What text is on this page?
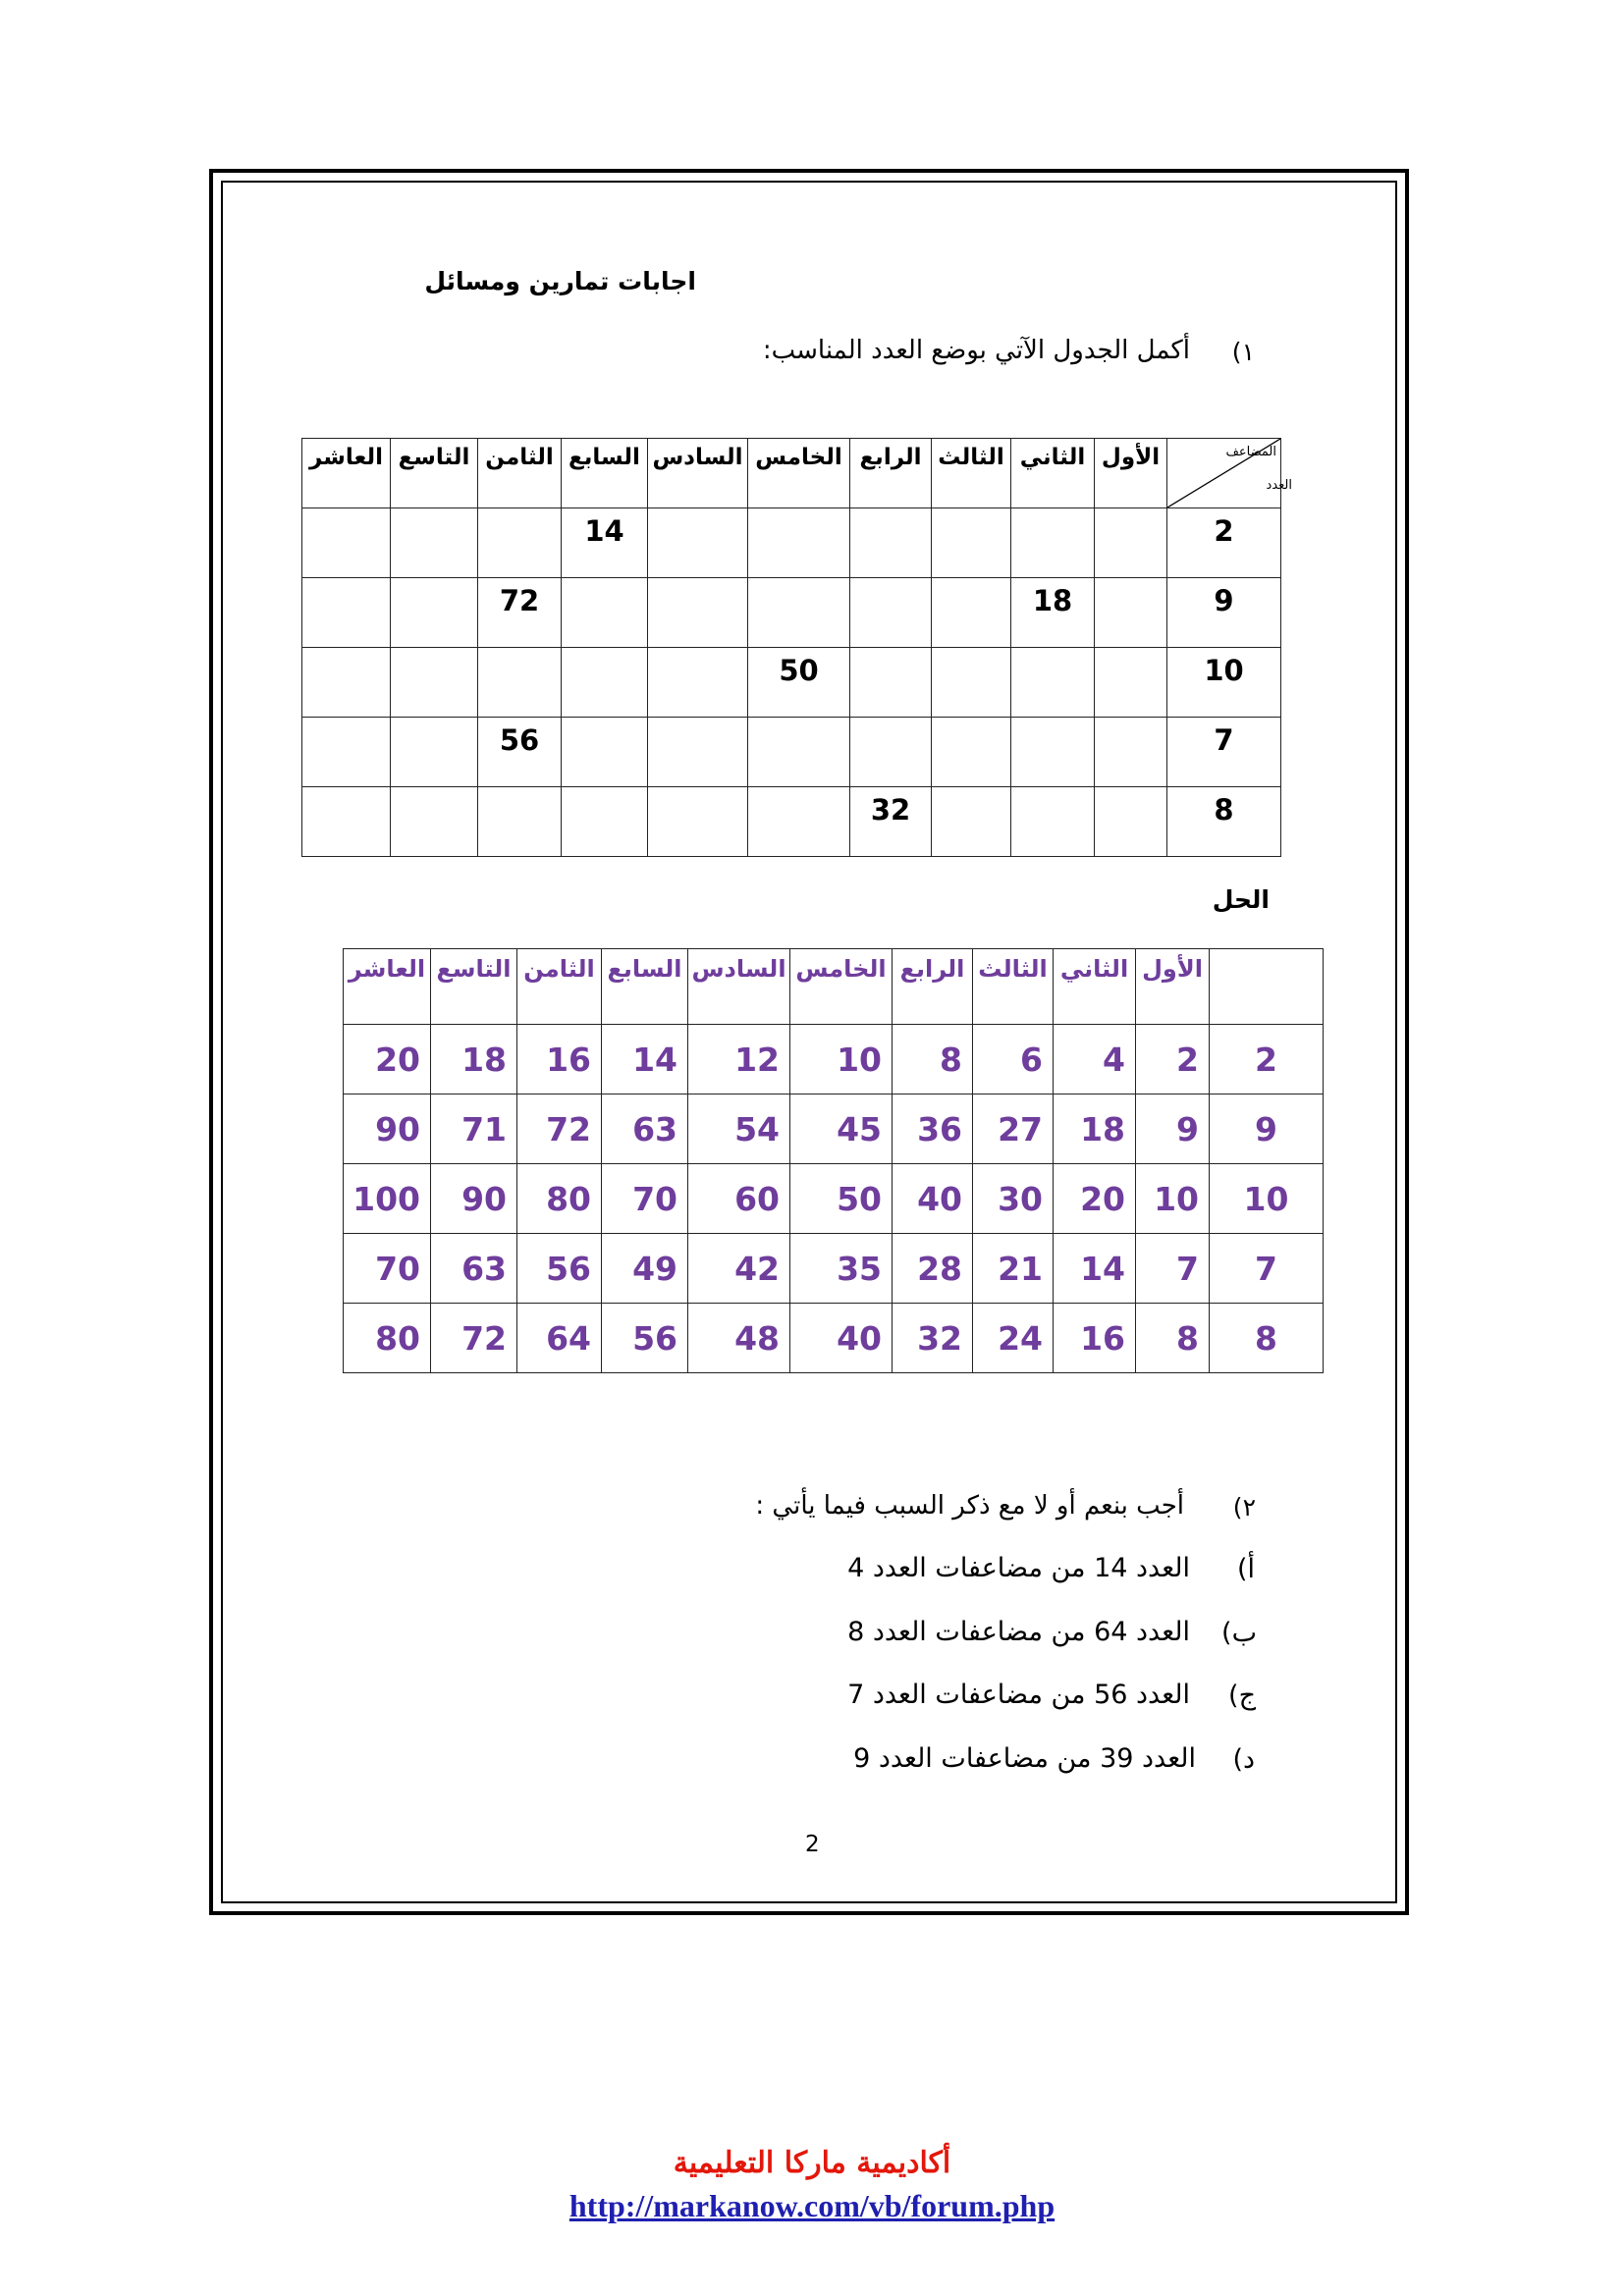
اجابات تمارين ومسائل
١)
أكمل الجدول الآتي بوضع العدد المناسب:
المضاعف
العدد	الأول	الثاني	الثالث	الرابع	الخامس	السادس	السابع	الثامن	التاسع	العاشر
2							14			
9		18						72		
10					50					
7								56		
8				32						
الحل
	الأول	الثاني	الثالث	الرابع	الخامس	السادس	السابع	الثامن	التاسع	العاشر
2	2	4	6	8	10	12	14	16	18	20
9	9	18	27	36	45	54	63	72	71	90
10	10	20	30	40	50	60	70	80	90	100
7	7	14	21	28	35	42	49	56	63	70
8	8	16	24	32	40	48	56	64	72	80
٢)
أجب بنعم أو لا مع ذكر السبب فيما يأتي :
أ)
العدد 14 من مضاعفات العدد 4
ب)
العدد 64 من مضاعفات العدد 8
ج)
العدد 56 من مضاعفات العدد 7
د)
العدد 39 من مضاعفات العدد 9
2
أكاديمية ماركا التعليمية
http://markanow.com/vb/forum.php
